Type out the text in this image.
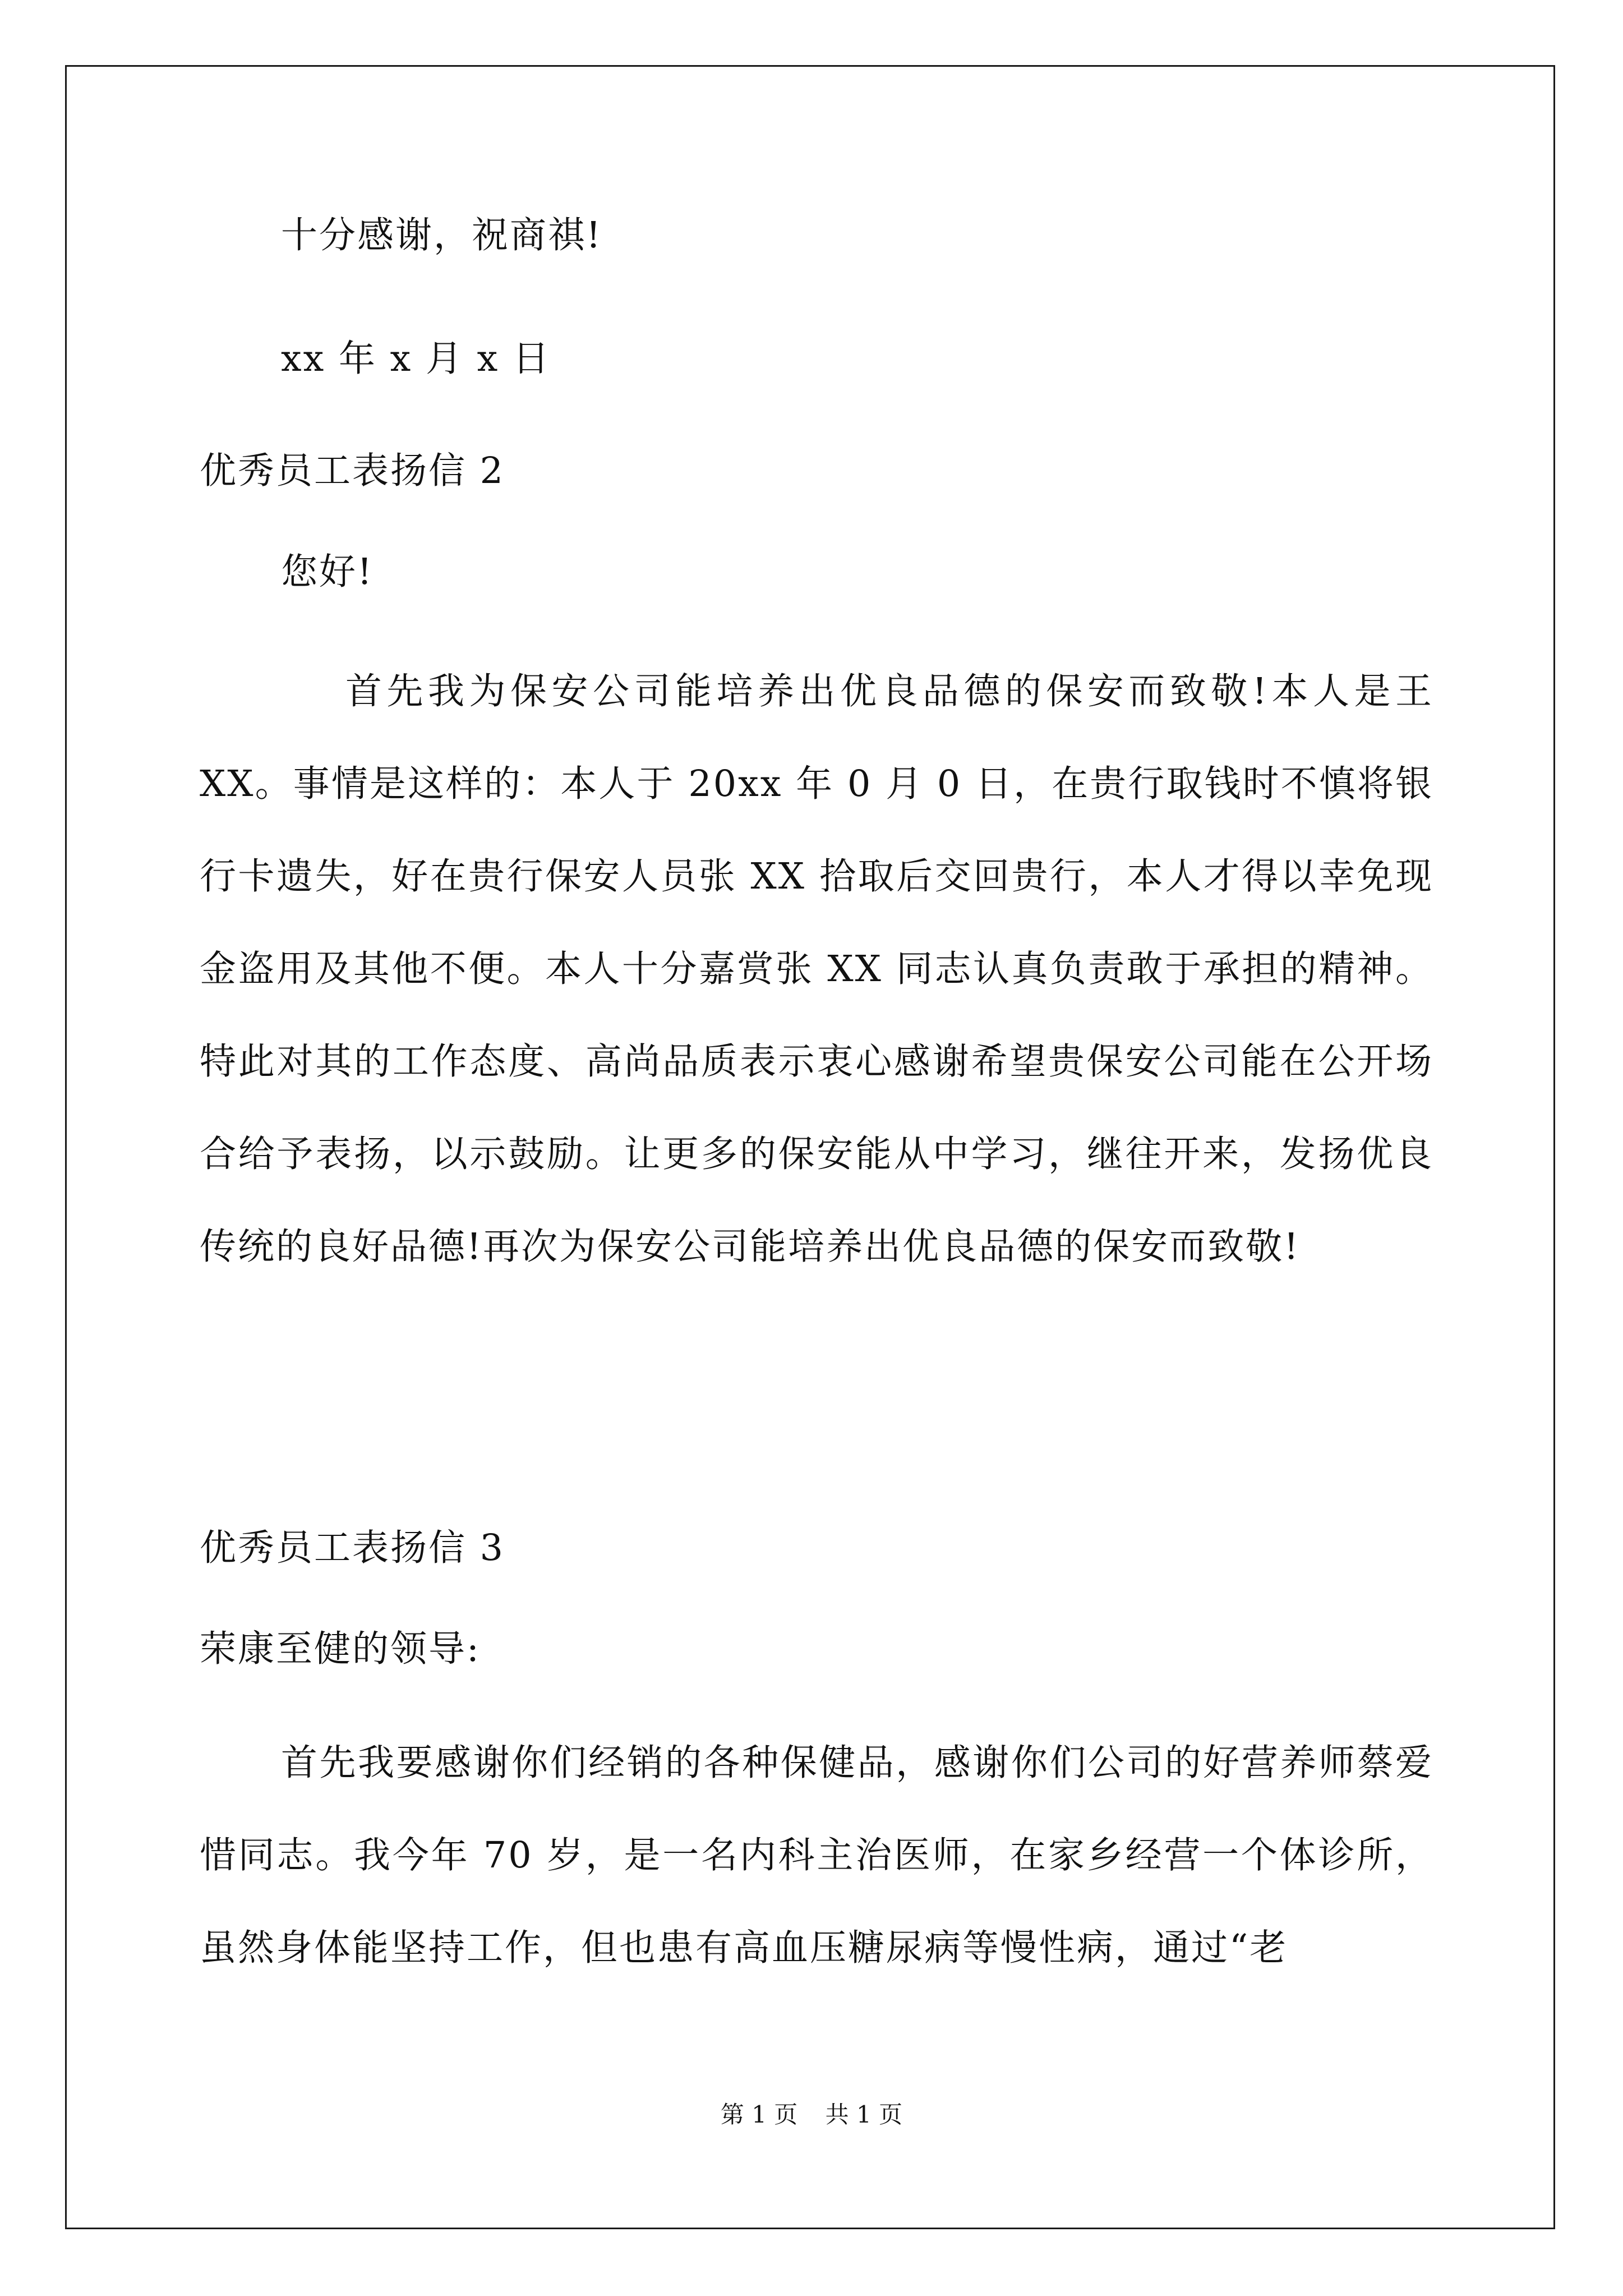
十分感谢，祝商祺!
xx 年 x 月 x 日
优秀员工表扬信 2
您好!
首先我为保安公司能培养出优良品德的保安而致敬!本人是王 XX。事情是这样的：本人于 20xx 年 0 月 0 日，在贵行取钱时不慎将银行卡遗失，好在贵行保安人员张 XX 拾取后交回贵行，本人才得以幸免现金盗用及其他不便。本人十分嘉赏张 XX 同志认真负责敢于承担的精神。特此对其的工作态度、高尚品质表示衷心感谢希望贵保安公司能在公开场合给予表扬，以示鼓励。让更多的保安能从中学习，继往开来，发扬优良传统的良好品德!再次为保安公司能培养出优良品德的保安而致敬!
优秀员工表扬信 3
荣康至健的领导:
首先我要感谢你们经销的各种保健品，感谢你们公司的好营养师蔡爱惜同志。我今年 70 岁，是一名内科主治医师，在家乡经营一个体诊所，虽然身体能坚持工作，但也患有高血压糖尿病等慢性病，通过“老
第 1 页 共 1 页
